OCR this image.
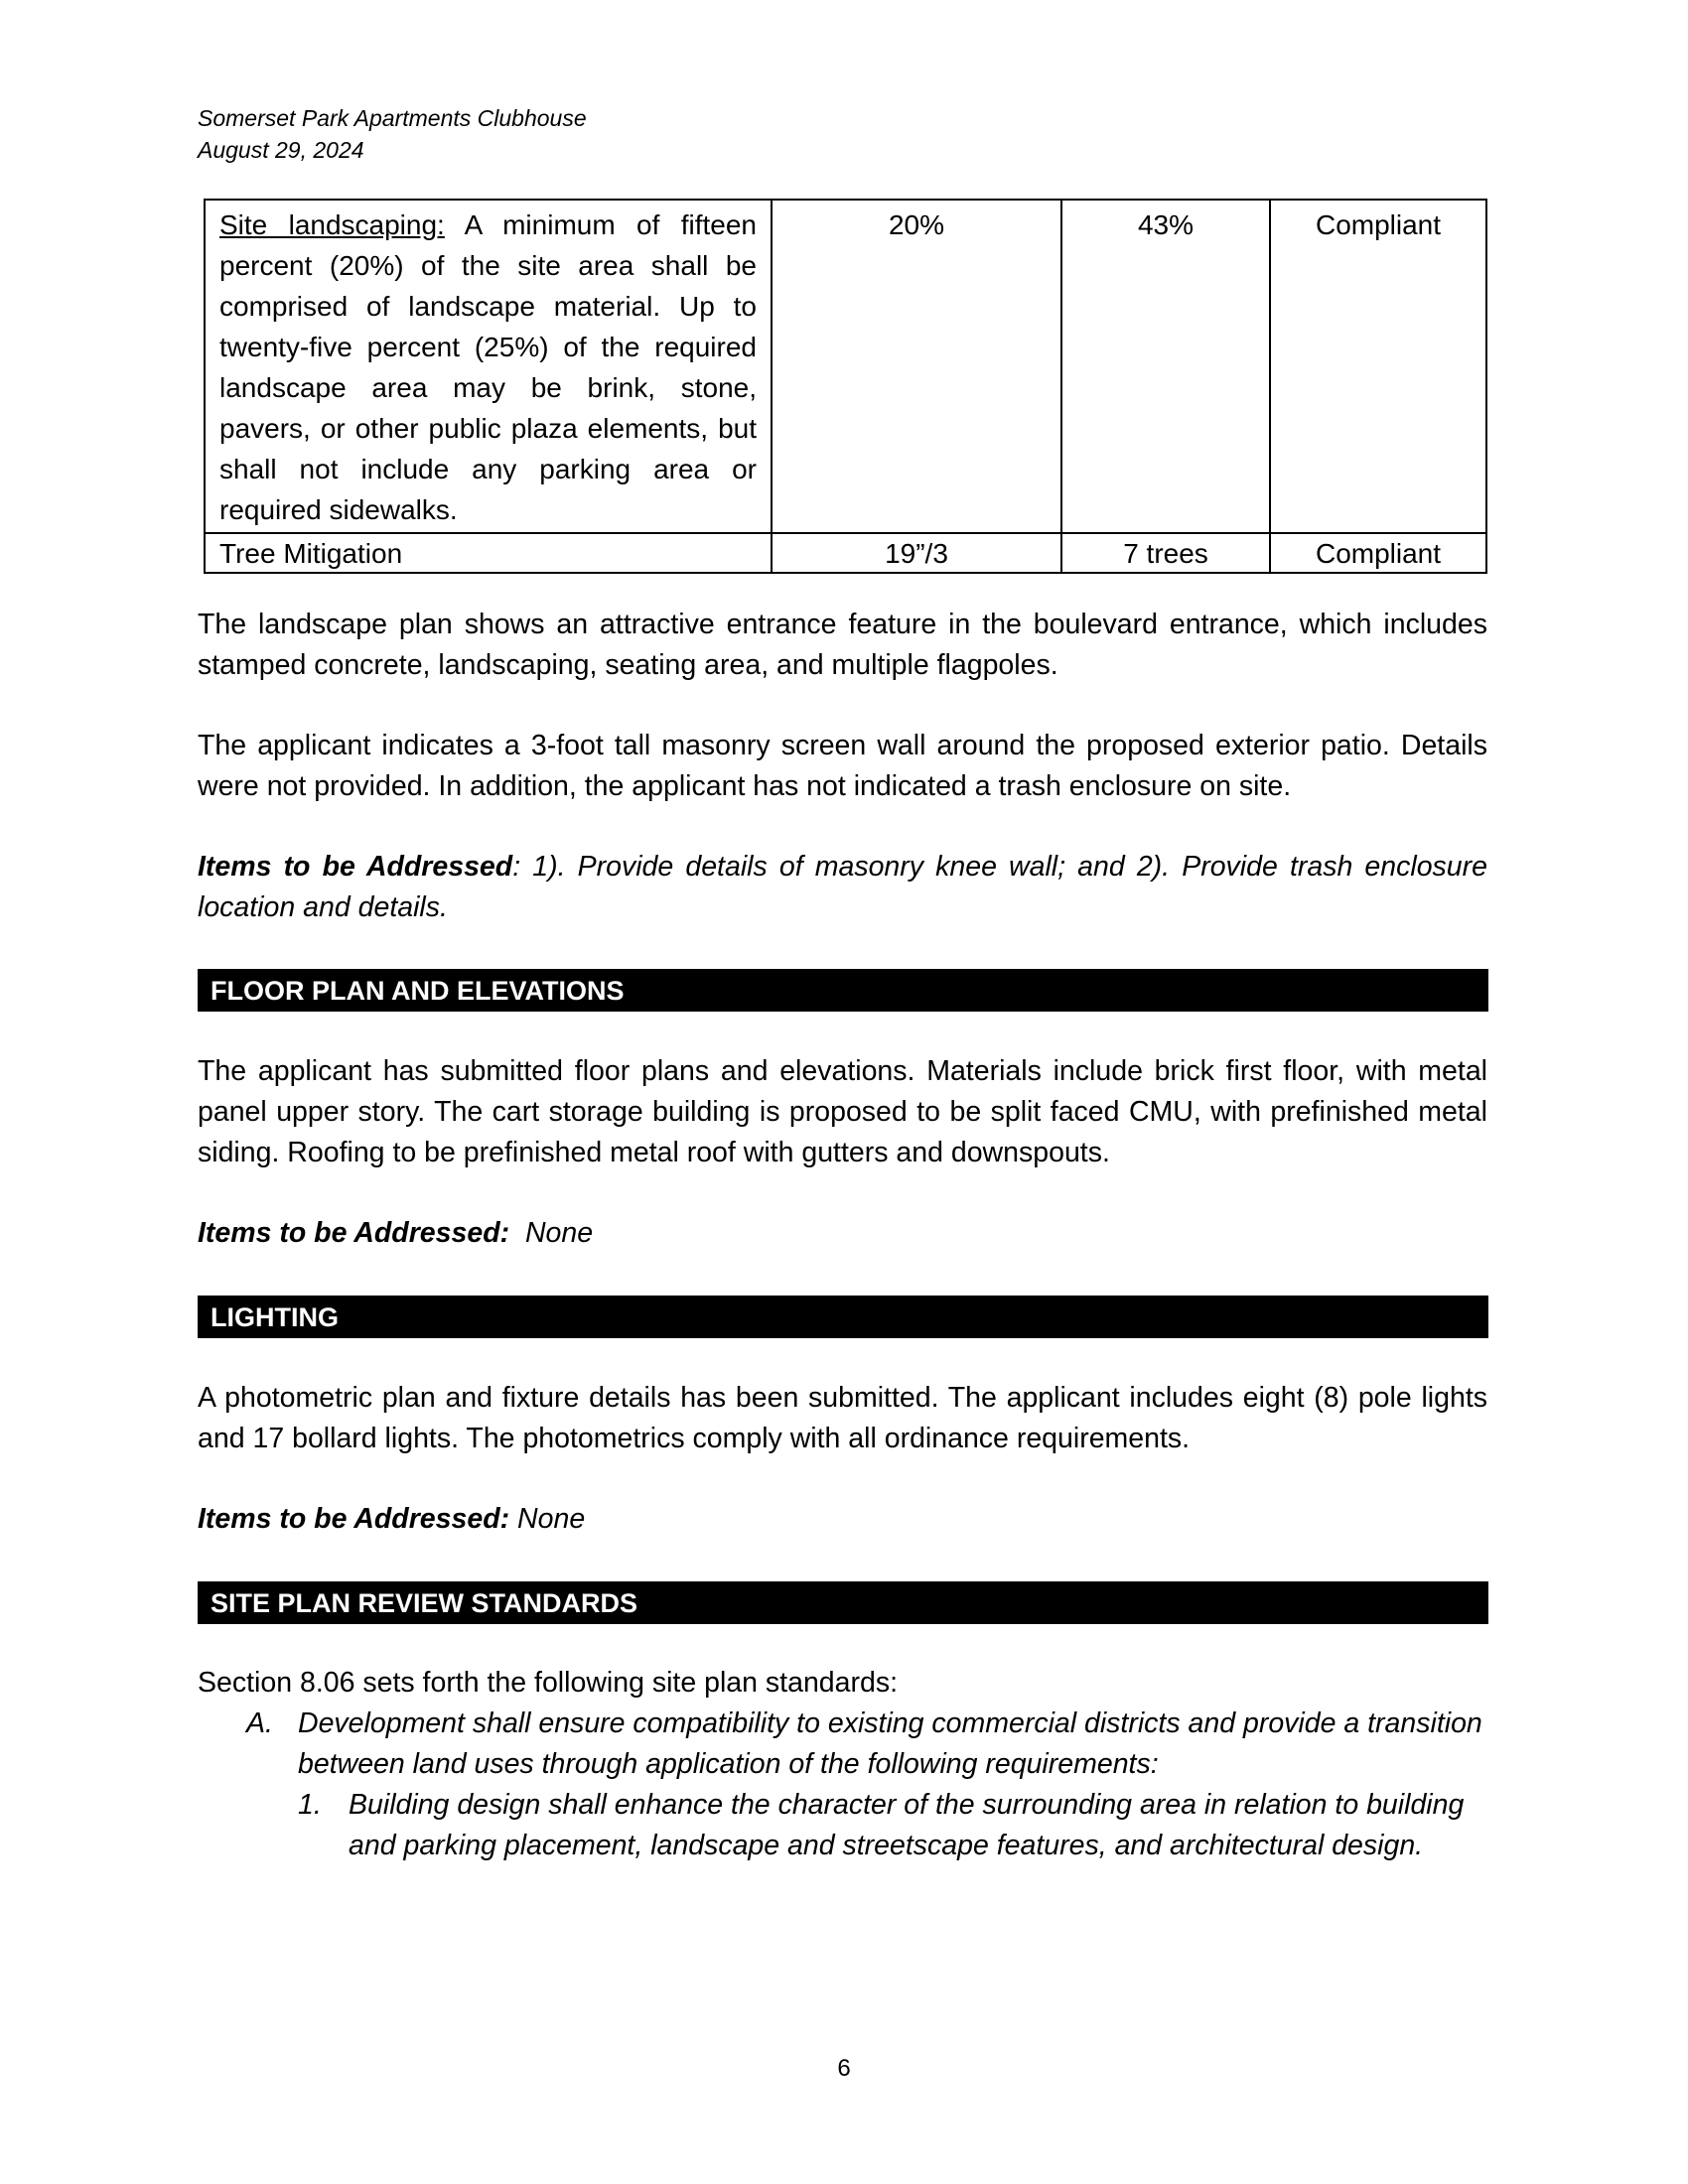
Somerset Park Apartments Clubhouse
August 29, 2024
Site landscaping: A minimum of fifteen percent (20%) of the site area shall be comprised of landscape material. Up to twenty-five percent (25%) of the required landscape area may be brink, stone, pavers, or other public plaza elements, but shall not include any parking area or required sidewalks.	20%	43%	Compliant
Tree Mitigation	19”/3	7 trees	Compliant

The landscape plan shows an attractive entrance feature in the boulevard entrance, which includes stamped concrete, landscaping, seating area, and multiple flagpoles.

The applicant indicates a 3-foot tall masonry screen wall around the proposed exterior patio. Details were not provided. In addition, the applicant has not indicated a trash enclosure on site.

Items to be Addressed: 1). Provide details of masonry knee wall; and 2). Provide trash enclosure location and details.

FLOOR PLAN AND ELEVATIONS

The applicant has submitted floor plans and elevations. Materials include brick first floor, with metal panel upper story. The cart storage building is proposed to be split faced CMU, with prefinished metal siding. Roofing to be prefinished metal roof with gutters and downspouts.

Items to be Addressed: None

LIGHTING

A photometric plan and fixture details has been submitted. The applicant includes eight (8) pole lights and 17 bollard lights. The photometrics comply with all ordinance requirements.

Items to be Addressed: None

SITE PLAN REVIEW STANDARDS

Section 8.06 sets forth the following site plan standards:

A. Development shall ensure compatibility to existing commercial districts and provide a transition between land uses through application of the following requirements:
1. Building design shall enhance the character of the surrounding area in relation to building and parking placement, landscape and streetscape features, and architectural design.
6
